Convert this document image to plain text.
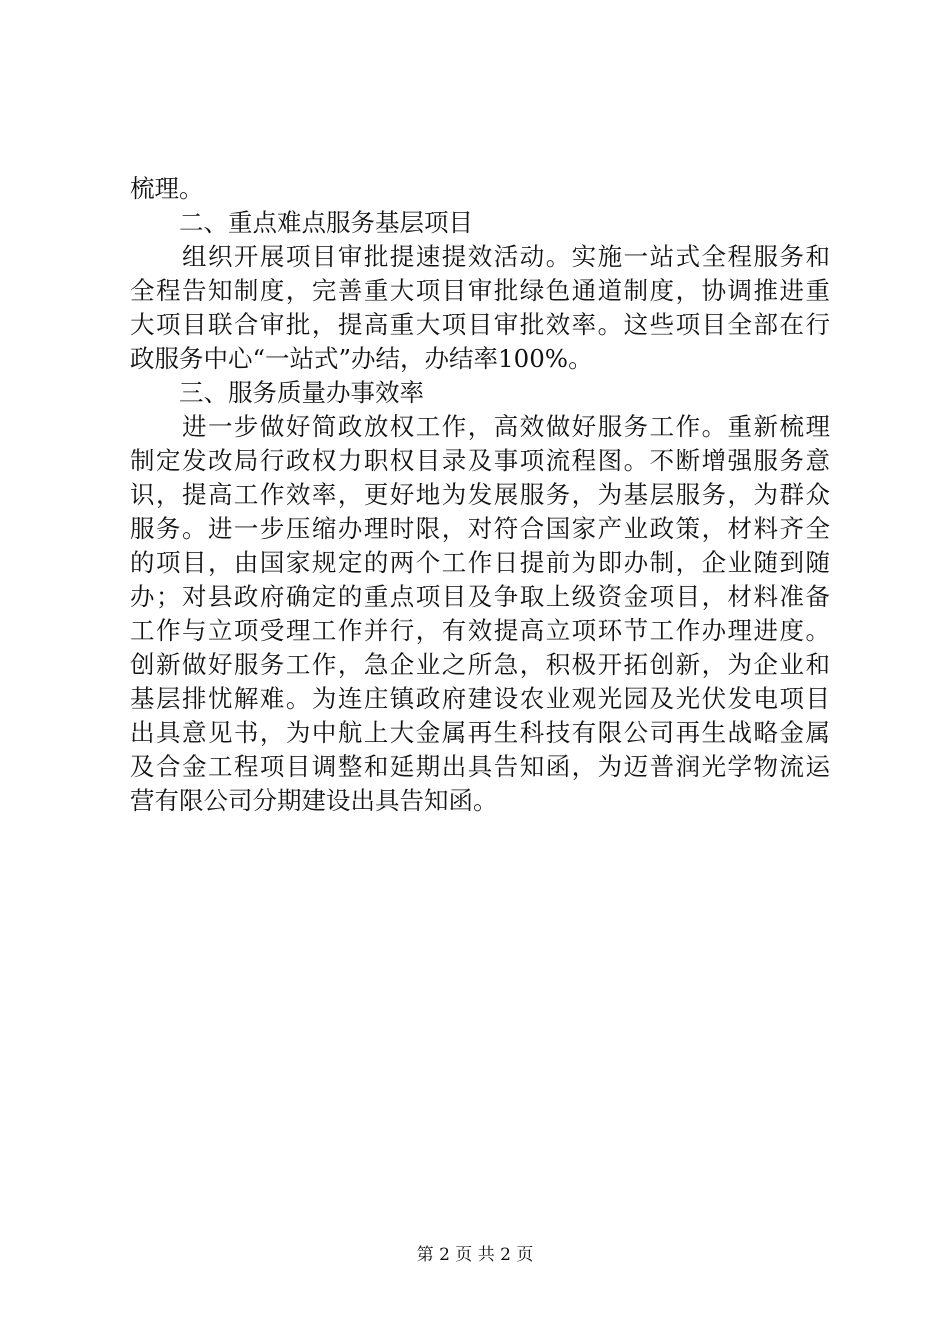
梳理。
　　二、重点难点服务基层项目
　　组织开展项目审批提速提效活动。实施一站式全程服务和
全程告知制度，完善重大项目审批绿色通道制度，协调推进重
大项目联合审批，提高重大项目审批效率。这些项目全部在行
政服务中心“一站式”办结，办结率100%。
　　三、服务质量办事效率
　　进一步做好简政放权工作，高效做好服务工作。重新梳理
制定发改局行政权力职权目录及事项流程图。不断增强服务意
识，提高工作效率，更好地为发展服务，为基层服务，为群众
服务。进一步压缩办理时限，对符合国家产业政策，材料齐全
的项目，由国家规定的两个工作日提前为即办制，企业随到随
办；对县政府确定的重点项目及争取上级资金项目，材料准备
工作与立项受理工作并行，有效提高立项环节工作办理进度。
创新做好服务工作，急企业之所急，积极开拓创新，为企业和
基层排忧解难。为连庄镇政府建设农业观光园及光伏发电项目
出具意见书，为中航上大金属再生科技有限公司再生战略金属
及合金工程项目调整和延期出具告知函，为迈普润光学物流运
营有限公司分期建设出具告知函。
第 2 页 共 2 页
